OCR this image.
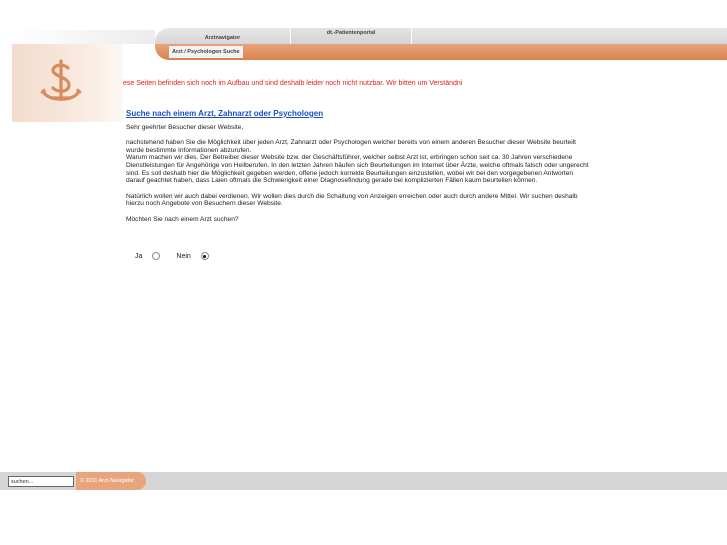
Arztnavigator
dt.-Patientenportal
Arzt / Psychologen Suche
ese Seiten befinden sich noch im Aufbau und sind deshalb leider noch nicht nutzbar. Wir bitten um Verständni
Suche nach einem Arzt, Zahnarzt oder Psychologen
Sehr geehrter Besucher dieser Website,
nachstehend haben Sie die Möglichkeit über jeden Arzt, Zahnarzt oder Psychologen welcher bereits von einem anderen Besucher dieser Website beurteilt wurde bestimmte Informationen abzurufen.
Warum machen wir dies. Der Betreiber dieser Website bzw. der Geschäftsführer, welcher selbst Arzt ist, erbringen schon seit ca. 30 Jahren verschiedene Dienstleistungen für Angehörige von Heilberufen. In den letzten Jahren häufen sich Beurteilungen im Internet über Ärzte, welche oftmals falsch oder ungerecht sind. Es soll deshalb hier die Möglichkeit gegeben werden, offene jedoch korrekte Beurteilungen einzustellen, wobei wir bei den vorgegebenen Antworten darauf geachtet haben, dass Laien oftmals die Schwierigkeit einer Diagnosefindung gerade bei komplizierten Fällen kaum beurteilen können.
Natürlich wollen wir auch dabei verdienen. Wir wollen dies durch die Schaltung von Anzeigen erreichen oder auch durch andere Mittel. Wir suchen deshalb hierzu noch Angebote von Besuchern dieser Website.
Möchten Sie nach einem Arzt suchen?
Ja	Nein
suchen...
© 2011 Arzt-Navigator
